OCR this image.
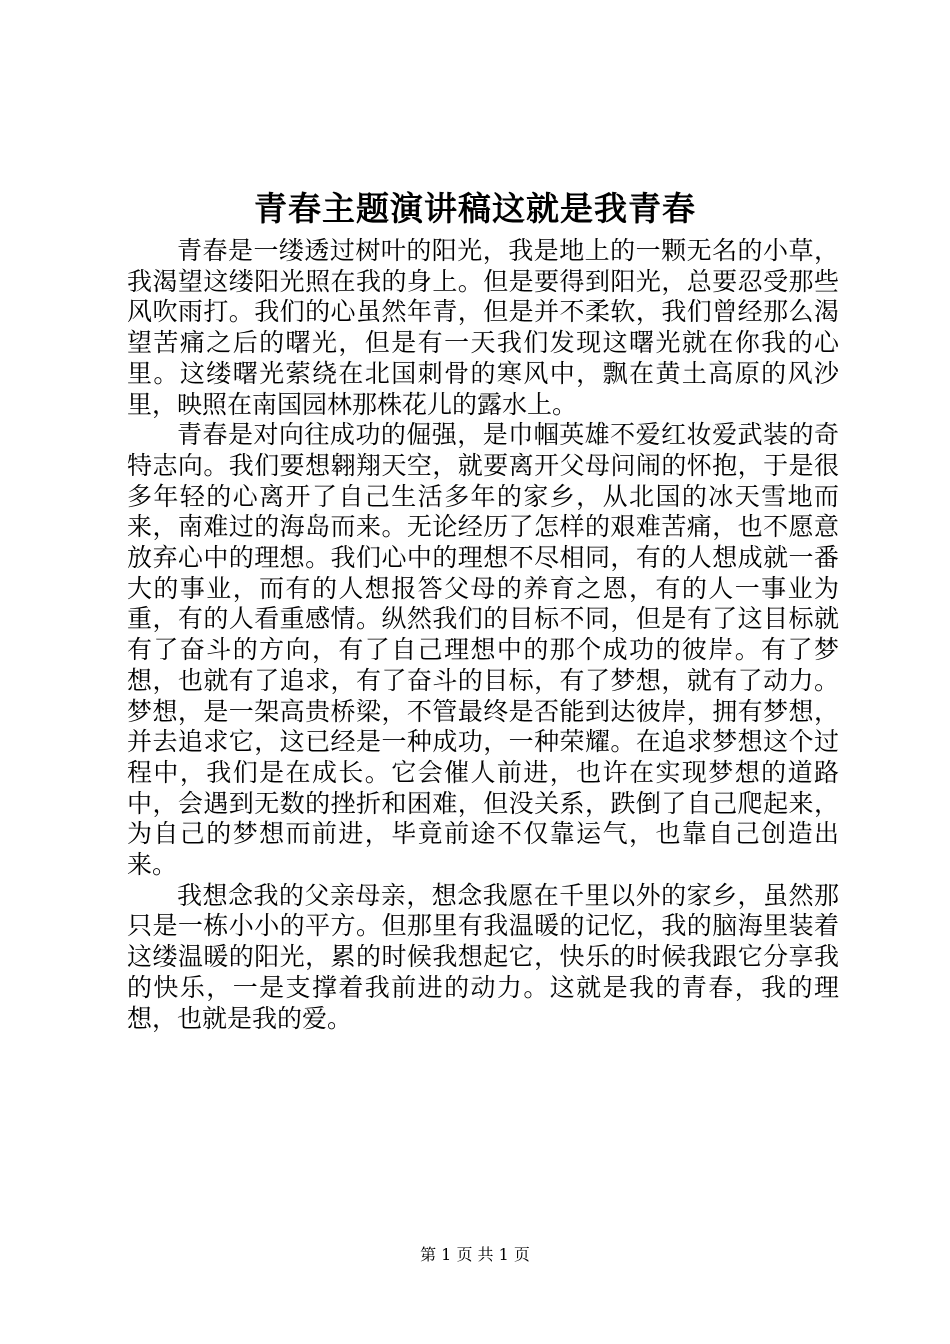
青春主题演讲稿这就是我青春

青春是一缕透过树叶的阳光，我是地上的一颗无名的小草，我渴望这缕阳光照在我的身上。但是要得到阳光，总要忍受那些风吹雨打。我们的心虽然年青，但是并不柔软，我们曾经那么渴望苦痛之后的曙光，但是有一天我们发现这曙光就在你我的心里。这缕曙光萦绕在北国刺骨的寒风中，飘在黄土高原的风沙里，映照在南国园林那株花儿的露水上。

青春是对向往成功的倔强，是巾帼英雄不爱红妆爱武装的奇特志向。我们要想翱翔天空，就要离开父母问闹的怀抱，于是很多年轻的心离开了自己生活多年的家乡，从北国的冰天雪地而来，南难过的海岛而来。无论经历了怎样的艰难苦痛，也不愿意放弃心中的理想。我们心中的理想不尽相同，有的人想成就一番大的事业，而有的人想报答父母的养育之恩，有的人一事业为重，有的人看重感情。纵然我们的目标不同，但是有了这目标就有了奋斗的方向，有了自己理想中的那个成功的彼岸。有了梦想，也就有了追求，有了奋斗的目标，有了梦想，就有了动力。梦想，是一架高贵桥梁，不管最终是否能到达彼岸，拥有梦想，并去追求它，这已经是一种成功，一种荣耀。在追求梦想这个过程中，我们是在成长。它会催人前进，也许在实现梦想的道路中，会遇到无数的挫折和困难，但没关系，跌倒了自己爬起来，为自己的梦想而前进，毕竟前途不仅靠运气，也靠自己创造出来。

我想念我的父亲母亲，想念我愿在千里以外的家乡，虽然那只是一栋小小的平方。但那里有我温暖的记忆，我的脑海里装着这缕温暖的阳光，累的时候我想起它，快乐的时候我跟它分享我的快乐，一是支撑着我前进的动力。这就是我的青春，我的理想，也就是我的爱。

第 1 页 共 1 页
